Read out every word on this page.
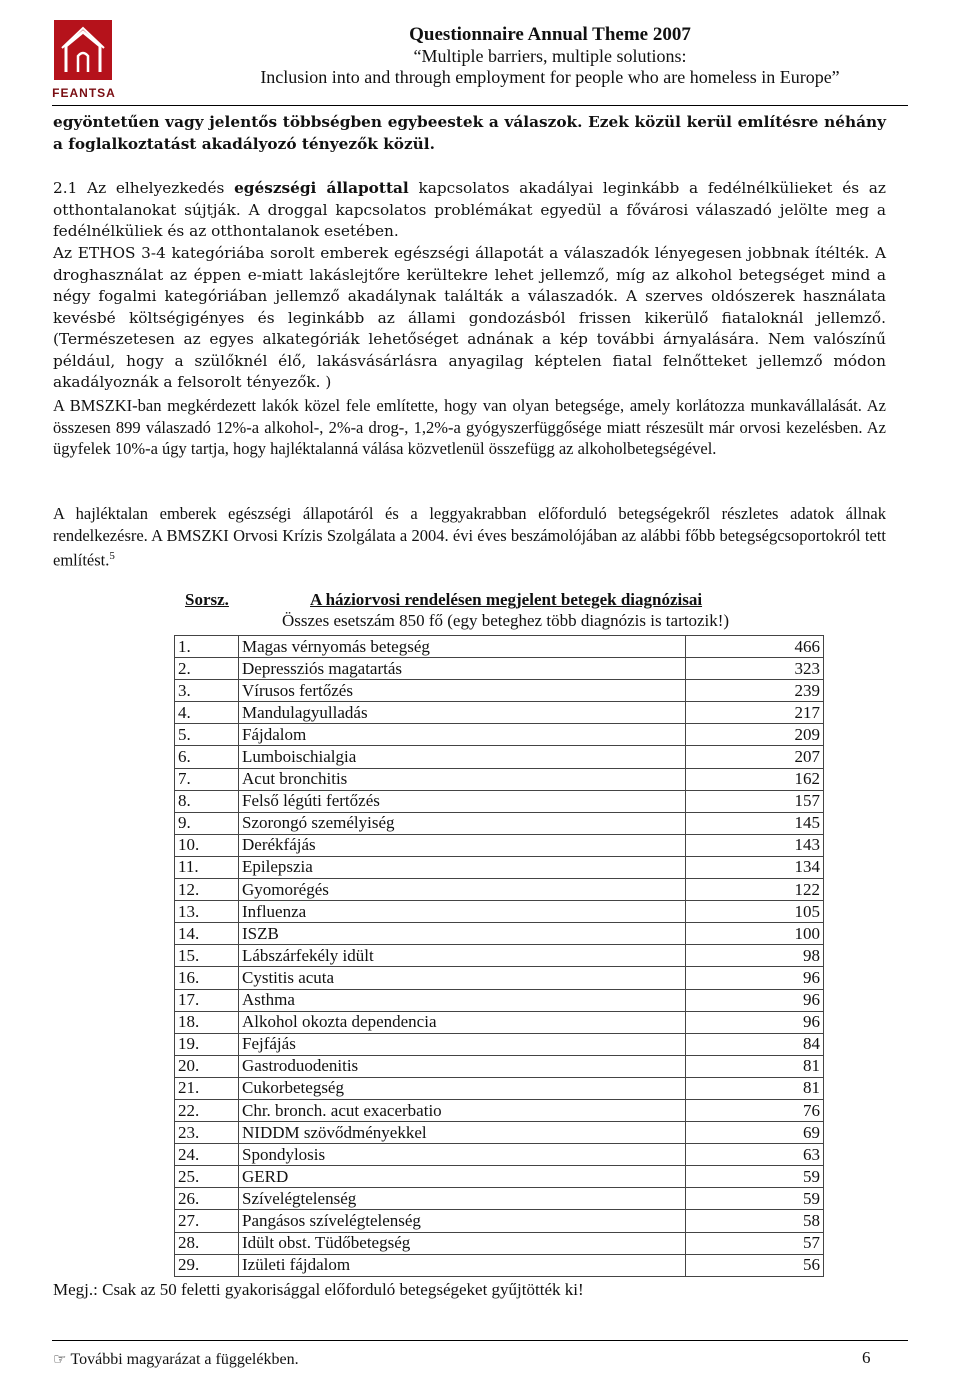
FEANTSA
Questionnaire Annual Theme 2007
“Multiple barriers, multiple solutions:
Inclusion into and through employment for people who are homeless in Europe”
egyöntetűen vagy jelentős többségben egybeestek a válaszok. Ezek közül kerül említésre néhány a foglalkoztatást akadályozó tényezők közül.
2.1 Az elhelyezkedés egészségi állapottal kapcsolatos akadályai leginkább a fedélnélkülieket és az otthontalanokat sújtják. A droggal kapcsolatos problémákat egyedül a fővárosi válaszadó jelölte meg a fedélnélküliek és az otthontalanok esetében.
Az ETHOS 3-4 kategóriába sorolt emberek egészségi állapotát a válaszadók lényegesen jobbnak ítélték. A droghasználat az éppen e-miatt lakáslejtőre kerültekre lehet jellemző, míg az alkohol betegséget mind a négy fogalmi kategóriában jellemző akadálynak találták a válaszadók. A szerves oldószerek használata kevésbé költségigényes és leginkább az állami gondozásból frissen kikerülő fiataloknál jellemző. (Természetesen az egyes alkategóriák lehetőséget adnának a kép további árnyalására. Nem valószínű például, hogy a szülőknél élő, lakásvásárlásra anyagilag képtelen fiatal felnőtteket jellemző módon akadályoznák a felsorolt tényezők. )
A BMSZKI-ban megkérdezett lakók közel fele említette, hogy van olyan betegsége, amely korlátozza munkavállalását. Az összesen 899 válaszadó 12%-a alkohol-, 2%-a drog-, 1,2%-a gyógyszerfüggősége miatt részesült már orvosi kezelésben. Az ügyfelek 10%-a úgy tartja, hogy hajléktalanná válása közvetlenül összefügg az alkoholbetegségével.
A hajléktalan emberek egészségi állapotáról és a leggyakrabban előforduló betegségekről részletes adatok állnak rendelkezésre. A BMSZKI Orvosi Krízis Szolgálata a 2004. évi éves beszámolójában az alábbi főbb betegségcsoportokról tett említést.$^5$
Sorsz.	A háziorvosi rendelésen megjelent betegek diagnózisai
Összes esetszám 850 fő (egy beteghez több diagnózis is tartozik!)
1.	Magas vérnyomás betegség	466
2.	Depressziós magatartás	323
3.	Vírusos fertőzés	239
4.	Mandulagyulladás	217
5.	Fájdalom	209
6.	Lumboischialgia	207
7.	Acut bronchitis	162
8.	Felső légúti fertőzés	157
9.	Szorongó személyiség	145
10.	Derékfájás	143
11.	Epilepszia	134
12.	Gyomorégés	122
13.	Influenza	105
14.	ISZB	100
15.	Lábszárfekély idült	98
16.	Cystitis acuta	96
17.	Asthma	96
18.	Alkohol okozta dependencia	96
19.	Fejfájás	84
20.	Gastroduodenitis	81
21.	Cukorbetegség	81
22.	Chr. bronch. acut exacerbatio	76
23.	NIDDM szövődményekkel	69
24.	Spondylosis	63
25.	GERD	59
26.	Szívelégtelenség	59
27.	Pangásos szívelégtelenség	58
28.	Idült obst. Tüdőbetegség	57
29.	Izületi fájdalom	56
Megj.: Csak az 50 feletti gyakorisággal előforduló betegségeket gyűjtötték ki!
☞ További magyarázat a függelékben.	6
